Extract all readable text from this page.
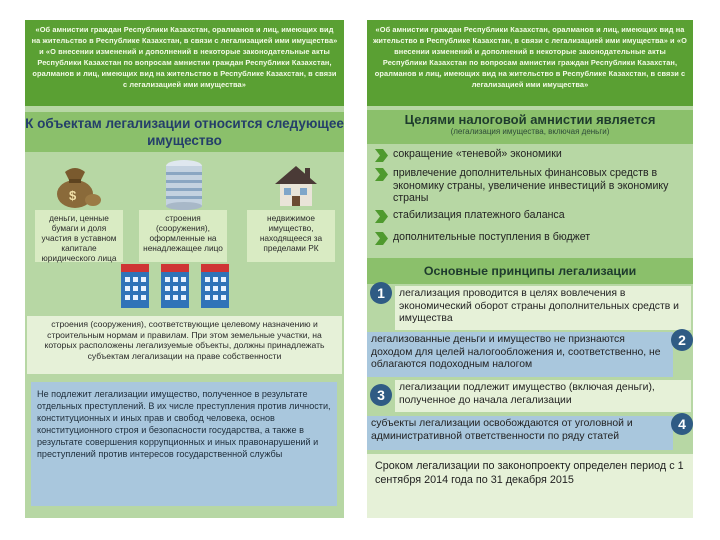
«Об амнистии граждан Республики Казахстан, оралманов и лиц, имеющих вид на жительство в Республике Казахстан, в связи с легализацией ими имущества» и «О внесении изменений и дополнений в некоторые законодательные акты Республики Казахстан по вопросам амнистии граждан Республики Казахстан, оралманов и лиц, имеющих вид на жительство в Республике Казахстан, в связи с легализацией ими имущества»
К объектам легализации относится следующее имущество
$
деньги, ценные бумаги и доля участия в уставном капитале юридического лица
строения (сооружения), оформленные на ненадлежащее лицо
недвижимое имущество, находящееся за пределами РК
строения (сооружения), соответствующие целевому назначению и строительным нормам и правилам. При этом земельные участки, на которых расположены легализуемые объекты, должны принадлежать субъектам легализации на праве собственности
Не подлежит легализации имущество, полученное в результате отдельных преступлений. В их числе преступления против личности, конституционных и иных прав и свобод человека, основ конституционного строя и безопасности государства, а также в результате совершения коррупционных и иных правонарушений и преступлений против интересов государственной службы
«Об амнистии граждан Республики Казахстан, оралманов и лиц, имеющих вид на жительство в Республике Казахстан, в связи с легализацией ими имущества» и «О внесении изменений и дополнений в некоторые законодательные акты Республики Казахстан по вопросам амнистии граждан Республики Казахстан, оралманов и лиц, имеющих вид на жительство в Республике Казахстан, в связи с легализацией ими имущества»
Целями налоговой амнистии является
(легализация имущества, включая деньги)
сокращение «теневой» экономики
привлечение дополнительных финансовых средств в экономику страны, увеличение инвестиций в экономику страны
стабилизация платежного баланса
дополнительные поступления в бюджет
Основные принципы легализации
легализация проводится в целях вовлечения в экономический оборот страны дополнительных средств и имущества
легализованные деньги и имущество не признаются доходом для целей налогообложения и, соответственно, не облагаются подоходным налогом
легализации подлежит имущество (включая деньги), полученное до начала легализации
субъекты легализации освобождаются от уголовной и административной ответственности по ряду статей
1
2
3
4
Сроком легализации по законопроекту определен период с 1 сентября 2014 года по 31 декабря 2015
